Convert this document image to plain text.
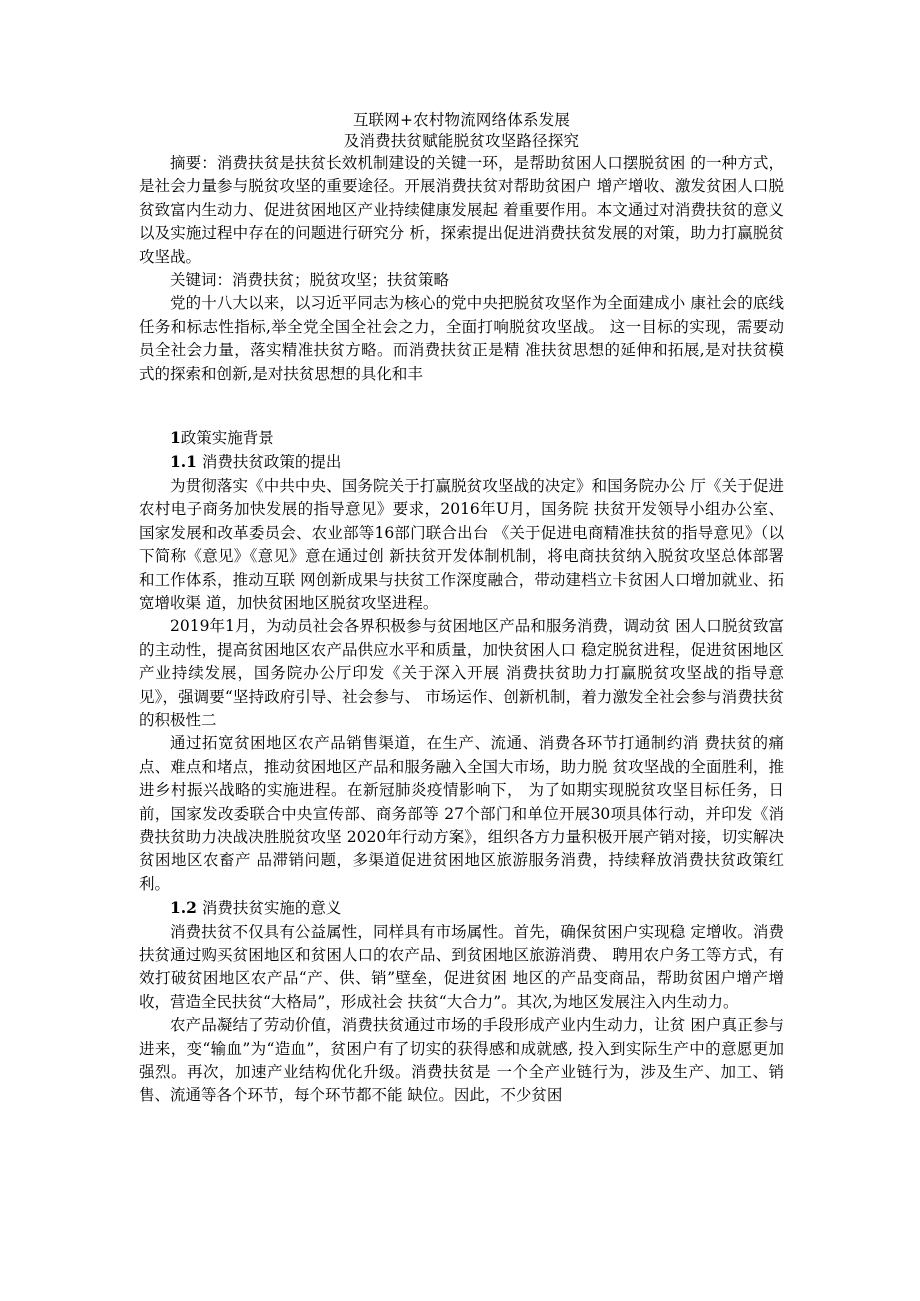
互联网+农村物流网络体系发展
及消费扶贫赋能脱贫攻坚路径探究

摘要：消费扶贫是扶贫长效机制建设的关键一环，是帮助贫困人口摆脱贫困 的一种方式，是社会力量参与脱贫攻坚的重要途径。开展消费扶贫对帮助贫困户 增产增收、激发贫困人口脱贫致富内生动力、促进贫困地区产业持续健康发展起 着重要作用。本文通过对消费扶贫的意义以及实施过程中存在的问题进行研究分 析，探索提出促进消费扶贫发展的对策，助力打赢脱贫攻坚战。

关键词：消费扶贫；脱贫攻坚；扶贫策略

党的十八大以来，以习近平同志为核心的党中央把脱贫攻坚作为全面建成小 康社会的底线任务和标志性指标,举全党全国全社会之力，全面打响脱贫攻坚战。 这一目标的实现，需要动员全社会力量，落实精准扶贫方略。而消费扶贫正是精 准扶贫思想的延伸和拓展,是对扶贫模式的探索和创新,是对扶贫思想的具化和丰

1政策实施背景

1.1 消费扶贫政策的提出

为贯彻落实《中共中央、国务院关于打赢脱贫攻坚战的决定》和国务院办公 厅《关于促进农村电子商务加快发展的指导意见》要求，2016年U月，国务院 扶贫开发领导小组办公室、国家发展和改革委员会、农业部等16部门联合出台 《关于促进电商精准扶贫的指导意见》（以下简称《意见》《意见》意在通过创 新扶贫开发体制机制，将电商扶贫纳入脱贫攻坚总体部署和工作体系，推动互联 网创新成果与扶贫工作深度融合，带动建档立卡贫困人口增加就业、拓宽增收渠 道，加快贫困地区脱贫攻坚进程。

2019年1月，为动员社会各界积极参与贫困地区产品和服务消费，调动贫 困人口脱贫致富的主动性，提高贫困地区农产品供应水平和质量，加快贫困人口 稳定脱贫进程，促进贫困地区产业持续发展，国务院办公厅印发《关于深入开展 消费扶贫助力打赢脱贫攻坚战的指导意见》，强调要“坚持政府引导、社会参与、 市场运作、创新机制，着力激发全社会参与消费扶贫的积极性二

通过拓宽贫困地区农产品销售渠道，在生产、流通、消费各环节打通制约消 费扶贫的痛点、难点和堵点，推动贫困地区产品和服务融入全国大市场，助力脱 贫攻坚战的全面胜利，推进乡村振兴战略的实施进程。在新冠肺炎疫情影响下， 为了如期实现脱贫攻坚目标任务，日前，国家发改委联合中央宣传部、商务部等 27个部门和单位开展30项具体行动，并印发《消费扶贫助力决战决胜脱贫攻坚 2020年行动方案》，组织各方力量积极开展产销对接，切实解决贫困地区农畜产 品滞销问题，多渠道促进贫困地区旅游服务消费，持续释放消费扶贫政策红利。

1.2 消费扶贫实施的意义

消费扶贫不仅具有公益属性，同样具有市场属性。首先，确保贫困户实现稳 定增收。消费扶贫通过购买贫困地区和贫困人口的农产品、到贫困地区旅游消费、 聘用农户务工等方式，有效打破贫困地区农产品“产、供、销”壁垒，促进贫困 地区的产品变商品，帮助贫困户增产增收，营造全民扶贫“大格局”，形成社会 扶贫“大合力”。其次,为地区发展注入内生动力。

农产品凝结了劳动价值，消费扶贫通过市场的手段形成产业内生动力，让贫 困户真正参与进来，变“输血”为“造血”，贫困户有了切实的获得感和成就感, 投入到实际生产中的意愿更加强烈。再次，加速产业结构优化升级。消费扶贫是 一个全产业链行为，涉及生产、加工、销售、流通等各个环节，每个环节都不能 缺位。因此，不少贫困
